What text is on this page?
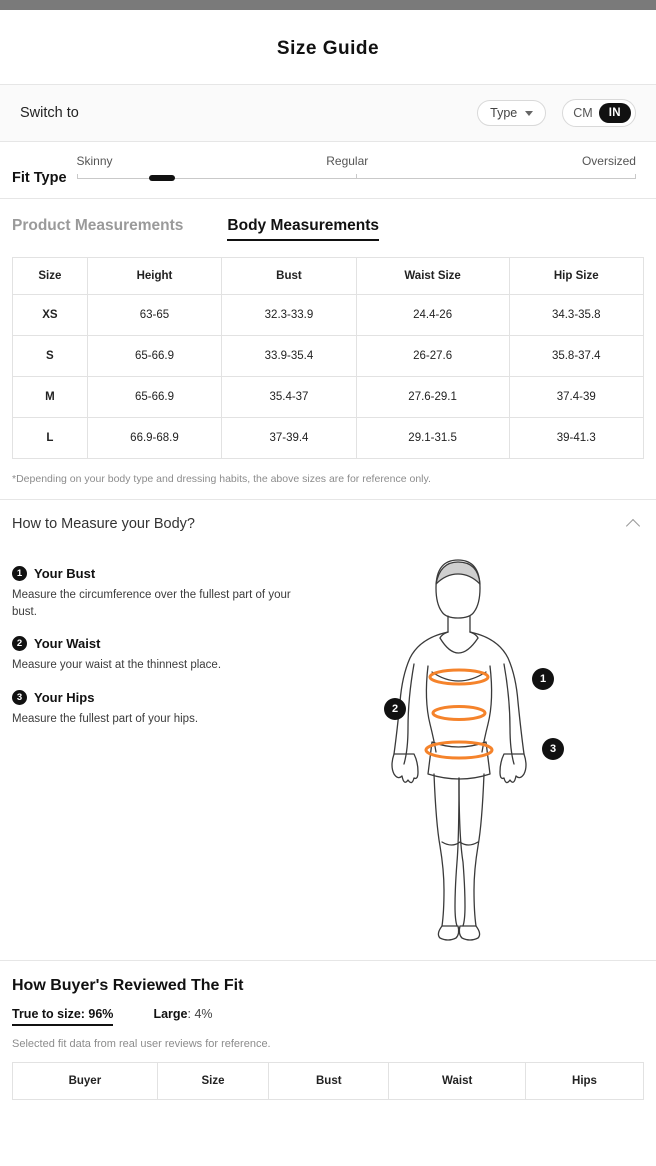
Size Guide
Switch to	Type	CM	IN
Fit Type
Skinny	Regular	Oversized
Product Measurements	Body Measurements
Size	Height	Bust	Waist Size	Hip Size
XS	63-65	32.3-33.9	24.4-26	34.3-35.8
S	65-66.9	33.9-35.4	26-27.6	35.8-37.4
M	65-66.9	35.4-37	27.6-29.1	37.4-39
L	66.9-68.9	37-39.4	29.1-31.5	39-41.3
*Depending on your body type and dressing habits, the above sizes are for reference only.
How to Measure your Body?
1 Your Bust
Measure the circumference over the fullest part of your bust.
2 Your Waist
Measure your waist at the thinnest place.
3 Your Hips
Measure the fullest part of your hips.
1
2
3
How Buyer's Reviewed The Fit
True to size: 96%	Large: 4%
Selected fit data from real user reviews for reference.
Buyer	Size	Bust	Waist	Hips
